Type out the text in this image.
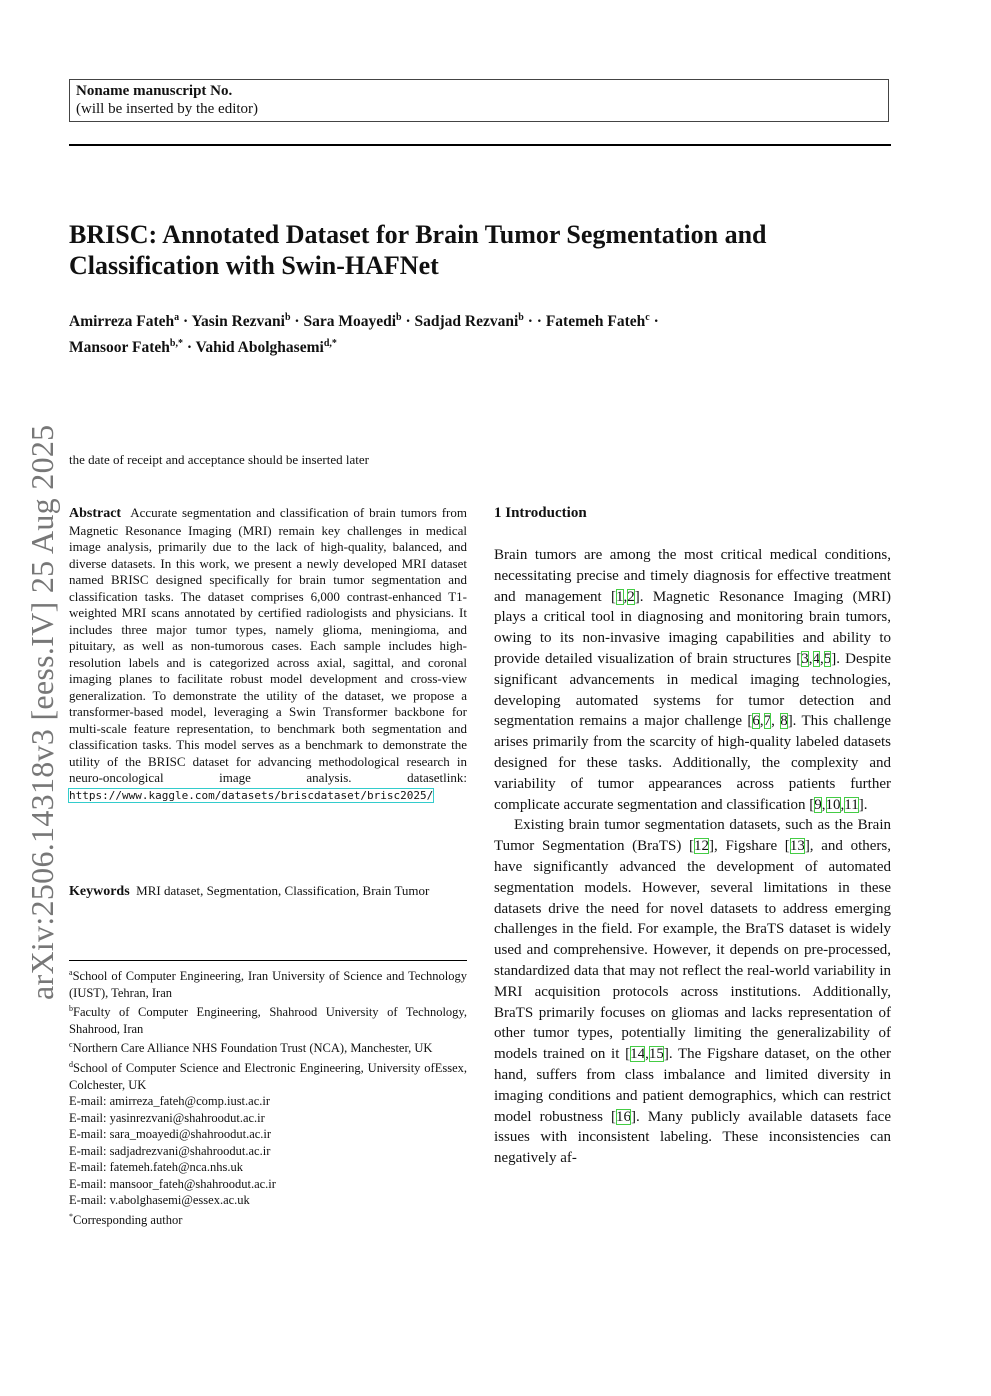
arXiv:2506.14318v3 [eess.IV] 25 Aug 2025
Noname manuscript No.
(will be inserted by the editor)
BRISC: Annotated Dataset for Brain Tumor Segmentation and Classification with Swin-HAFNet
Amirreza Fateh$^a$ · Yasin Rezvani$^b$ · Sara Moayedi$^b$ · Sadjad Rezvani$^b$ · · Fatemeh Fateh$^c$ ·
Mansoor Fateh$^{b,*}$ · Vahid Abolghasemi$^{d,*}$
the date of receipt and acceptance should be inserted later
Abstract Accurate segmentation and classification of brain tumors from Magnetic Resonance Imaging (MRI) remain key challenges in medical image analysis, primarily due to the lack of high-quality, balanced, and diverse datasets. In this work, we present a newly developed MRI dataset named BRISC designed specifically for brain tumor segmentation and classification tasks. The dataset comprises 6,000 contrast-enhanced T1-weighted MRI scans annotated by certified radiologists and physicians. It includes three major tumor types, namely glioma, meningioma, and pituitary, as well as non-tumorous cases. Each sample includes high-resolution labels and is categorized across axial, sagittal, and coronal imaging planes to facilitate robust model development and cross-view generalization. To demonstrate the utility of the dataset, we propose a transformer-based model, leveraging a Swin Transformer backbone for multi-scale feature representation, to benchmark both segmentation and classification tasks. This model serves as a benchmark to demonstrate the utility of the BRISC dataset for advancing methodological research in neuro-oncological image analysis. datasetlink: https://www.kaggle.com/datasets/briscdataset/brisc2025/
Keywords MRI dataset, Segmentation, Classification, Brain Tumor
$^a$School of Computer Engineering, Iran University of Science and Technology (IUST), Tehran, Iran
$^b$Faculty of Computer Engineering, Shahrood University of Technology, Shahrood, Iran
$^c$Northern Care Alliance NHS Foundation Trust (NCA), Manchester, UK
$^d$School of Computer Science and Electronic Engineering, University ofEssex, Colchester, UK
E-mail: amirreza_fateh@comp.iust.ac.ir
E-mail: yasinrezvani@shahroodut.ac.ir
E-mail: sara_moayedi@shahroodut.ac.ir
E-mail: sadjadrezvani@shahroodut.ac.ir
E-mail: fatemeh.fateh@nca.nhs.uk
E-mail: mansoor_fateh@shahroodut.ac.ir
E-mail: v.abolghasemi@essex.ac.uk
*Corresponding author
1 Introduction

Brain tumors are among the most critical medical conditions, necessitating precise and timely diagnosis for effective treatment and management [1,2]. Magnetic Resonance Imaging (MRI) plays a critical tool in diagnosing and monitoring brain tumors, owing to its non-invasive imaging capabilities and ability to provide detailed visualization of brain structures [3,4,5]. Despite significant advancements in medical imaging technologies, developing automated systems for tumor detection and segmentation remains a major challenge [6,7, 8]. This challenge arises primarily from the scarcity of high-quality labeled datasets designed for these tasks. Additionally, the complexity and variability of tumor appearances across patients further complicate accurate segmentation and classification [9,10,11].

Existing brain tumor segmentation datasets, such as the Brain Tumor Segmentation (BraTS) [12], Figshare [13], and others, have significantly advanced the development of automated segmentation models. However, several limitations in these datasets drive the need for novel datasets to address emerging challenges in the field. For example, the BraTS dataset is widely used and comprehensive. However, it depends on pre-processed, standardized data that may not reflect the real-world variability in MRI acquisition protocols across institutions. Additionally, BraTS primarily focuses on gliomas and lacks representation of other tumor types, potentially limiting the generalizability of models trained on it [14,15]. The Figshare dataset, on the other hand, suffers from class imbalance and limited diversity in imaging conditions and patient demographics, which can restrict model robustness [16]. Many publicly available datasets face issues with inconsistent labeling. These inconsistencies can negatively af-
